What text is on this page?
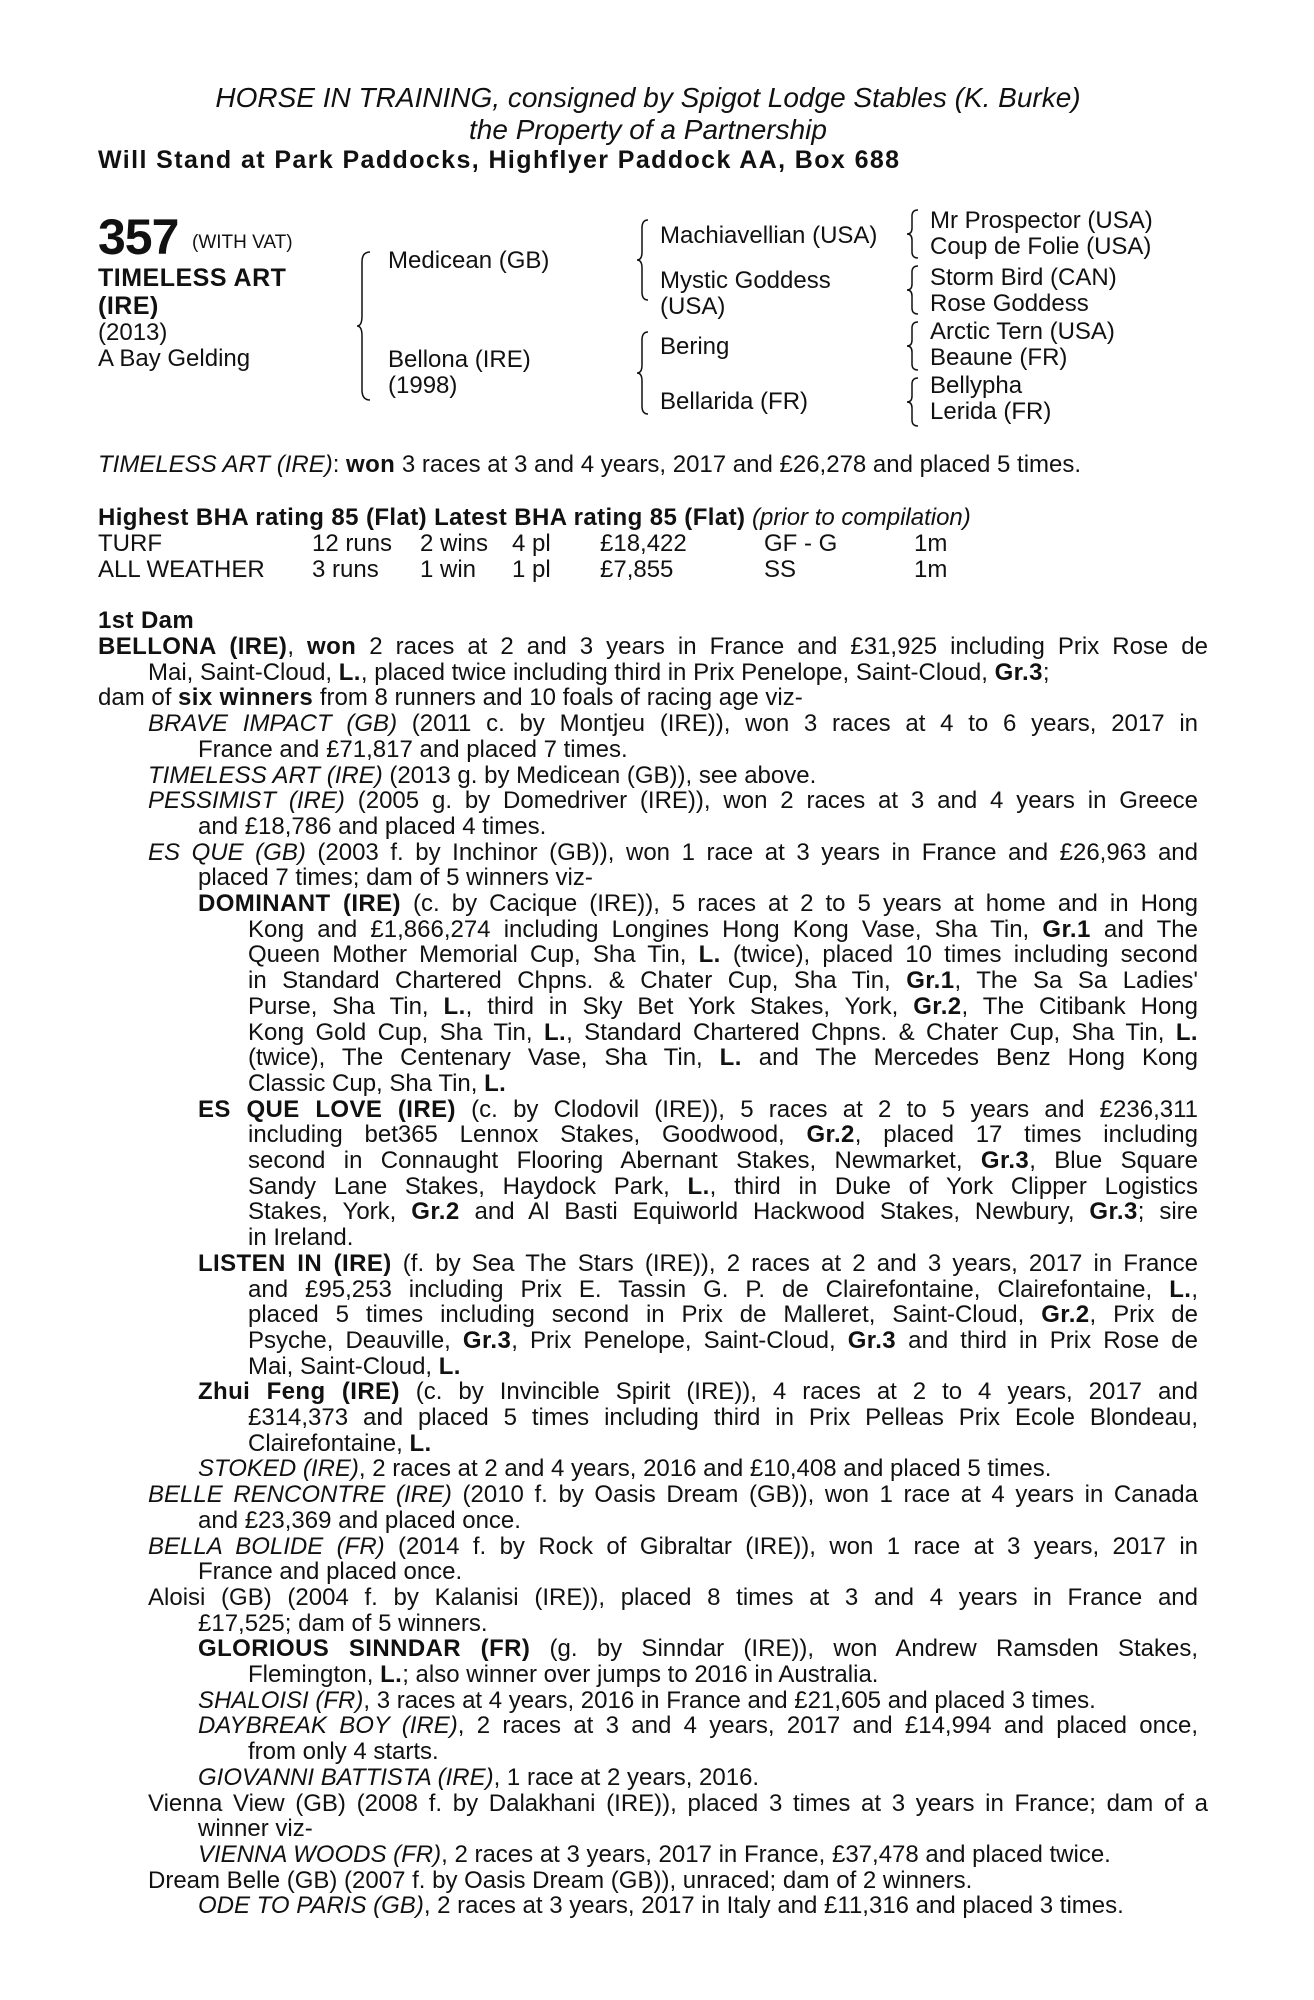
HORSE IN TRAINING, consigned by Spigot Lodge Stables (K. Burke)
the Property of a Partnership
Will Stand at Park Paddocks, Highflyer Paddock AA, Box 688
357 (WITH VAT)
TIMELESS ART
(IRE)
(2013)
A Bay Gelding
Medicean (GB)
Bellona (IRE)
(1998)
Machiavellian (USA)
Mystic Goddess
(USA)
Bering
Bellarida (FR)
Mr Prospector (USA)
Coup de Folie (USA)
Storm Bird (CAN)
Rose Goddess
Arctic Tern (USA)
Beaune (FR)
Bellypha
Lerida (FR)
TIMELESS ART (IRE): won 3 races at 3 and 4 years, 2017 and £26,278 and placed 5 times.
Highest BHA rating 85 (Flat) Latest BHA rating 85 (Flat) (prior to compilation)
TURF	12 runs 2 wins 4 pl £18,422	GF - G	1m
ALL WEATHER 3 runs 1 win 1 pl £7,855	SS	1m
1st Dam
BELLONA (IRE), won 2 races at 2 and 3 years in France and £31,925 including Prix Rose de
Mai, Saint-Cloud, L., placed twice including third in Prix Penelope, Saint-Cloud, Gr.3;
dam of six winners from 8 runners and 10 foals of racing age viz-
BRAVE IMPACT (GB) (2011 c. by Montjeu (IRE)), won 3 races at 4 to 6 years, 2017 in
France and £71,817 and placed 7 times.
TIMELESS ART (IRE) (2013 g. by Medicean (GB)), see above.
PESSIMIST (IRE) (2005 g. by Domedriver (IRE)), won 2 races at 3 and 4 years in Greece
and £18,786 and placed 4 times.
ES QUE (GB) (2003 f. by Inchinor (GB)), won 1 race at 3 years in France and £26,963 and
placed 7 times; dam of 5 winners viz-
DOMINANT (IRE) (c. by Cacique (IRE)), 5 races at 2 to 5 years at home and in Hong
Kong and £1,866,274 including Longines Hong Kong Vase, Sha Tin, Gr.1 and The
Queen Mother Memorial Cup, Sha Tin, L. (twice), placed 10 times including second
in Standard Chartered Chpns. & Chater Cup, Sha Tin, Gr.1, The Sa Sa Ladies'
Purse, Sha Tin, L., third in Sky Bet York Stakes, York, Gr.2, The Citibank Hong
Kong Gold Cup, Sha Tin, L., Standard Chartered Chpns. & Chater Cup, Sha Tin, L.
(twice), The Centenary Vase, Sha Tin, L. and The Mercedes Benz Hong Kong
Classic Cup, Sha Tin, L.
ES QUE LOVE (IRE) (c. by Clodovil (IRE)), 5 races at 2 to 5 years and £236,311
including bet365 Lennox Stakes, Goodwood, Gr.2, placed 17 times including
second in Connaught Flooring Abernant Stakes, Newmarket, Gr.3, Blue Square
Sandy Lane Stakes, Haydock Park, L., third in Duke of York Clipper Logistics
Stakes, York, Gr.2 and Al Basti Equiworld Hackwood Stakes, Newbury, Gr.3; sire
in Ireland.
LISTEN IN (IRE) (f. by Sea The Stars (IRE)), 2 races at 2 and 3 years, 2017 in France
and £95,253 including Prix E. Tassin G. P. de Clairefontaine, Clairefontaine, L.,
placed 5 times including second in Prix de Malleret, Saint-Cloud, Gr.2, Prix de
Psyche, Deauville, Gr.3, Prix Penelope, Saint-Cloud, Gr.3 and third in Prix Rose de
Mai, Saint-Cloud, L.
Zhui Feng (IRE) (c. by Invincible Spirit (IRE)), 4 races at 2 to 4 years, 2017 and
£314,373 and placed 5 times including third in Prix Pelleas Prix Ecole Blondeau,
Clairefontaine, L.
STOKED (IRE), 2 races at 2 and 4 years, 2016 and £10,408 and placed 5 times.
BELLE RENCONTRE (IRE) (2010 f. by Oasis Dream (GB)), won 1 race at 4 years in Canada
and £23,369 and placed once.
BELLA BOLIDE (FR) (2014 f. by Rock of Gibraltar (IRE)), won 1 race at 3 years, 2017 in
France and placed once.
Aloisi (GB) (2004 f. by Kalanisi (IRE)), placed 8 times at 3 and 4 years in France and
£17,525; dam of 5 winners.
GLORIOUS SINNDAR (FR) (g. by Sinndar (IRE)), won Andrew Ramsden Stakes,
Flemington, L.; also winner over jumps to 2016 in Australia.
SHALOISI (FR), 3 races at 4 years, 2016 in France and £21,605 and placed 3 times.
DAYBREAK BOY (IRE), 2 races at 3 and 4 years, 2017 and £14,994 and placed once,
from only 4 starts.
GIOVANNI BATTISTA (IRE), 1 race at 2 years, 2016.
Vienna View (GB) (2008 f. by Dalakhani (IRE)), placed 3 times at 3 years in France; dam of a
winner viz-
VIENNA WOODS (FR), 2 races at 3 years, 2017 in France, £37,478 and placed twice.
Dream Belle (GB) (2007 f. by Oasis Dream (GB)), unraced; dam of 2 winners.
ODE TO PARIS (GB), 2 races at 3 years, 2017 in Italy and £11,316 and placed 3 times.
